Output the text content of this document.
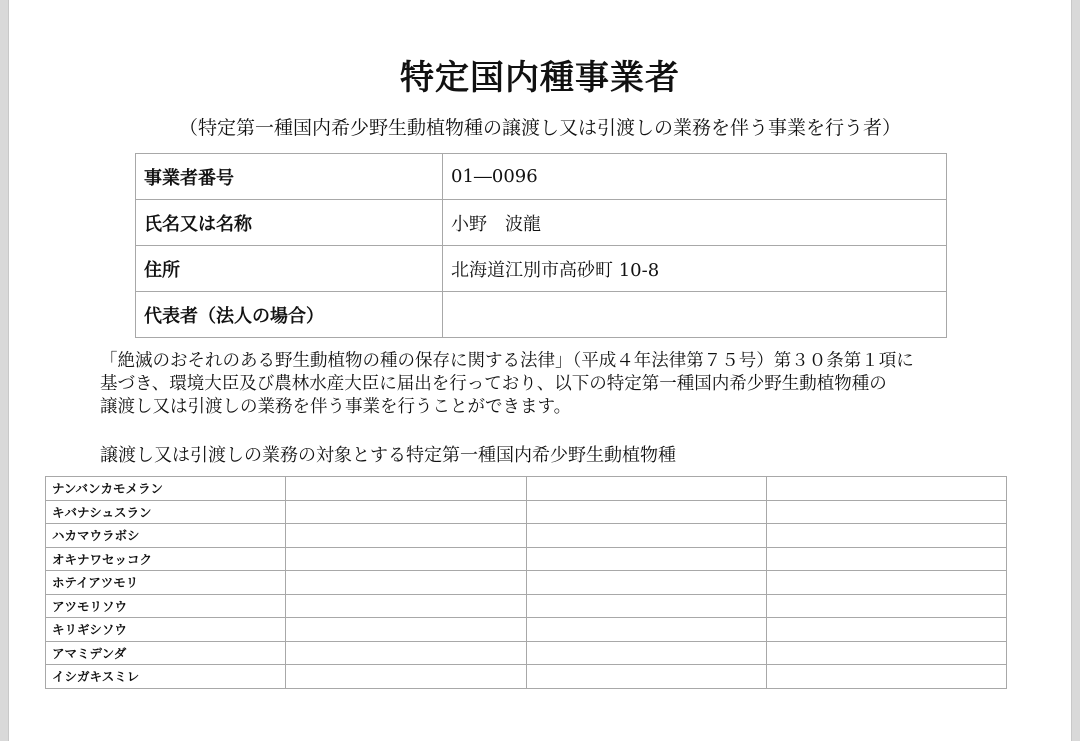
特定国内種事業者
（特定第一種国内希少野生動植物種の譲渡し又は引渡しの業務を伴う事業を行う者）
事業者番号	01―0096
氏名又は名称	小野　波龍
住所	北海道江別市高砂町 10-8
代表者（法人の場合）	

「絶滅のおそれのある野生動植物の種の保存に関する法律」（平成４年法律第７５号）第３０条第１項に

基づき、環境大臣及び農林水産大臣に届出を行っており、以下の特定第一種国内希少野生動植物種の

譲渡し又は引渡しの業務を伴う事業を行うことができます。

譲渡し又は引渡しの業務の対象とする特定第一種国内希少野生動植物種
ナンバンカモメラン			
キバナシュスラン			
ハカマウラボシ			
オキナワセッコク			
ホテイアツモリ			
アツモリソウ			
キリギシソウ			
アマミデンダ			
イシガキスミレ			
